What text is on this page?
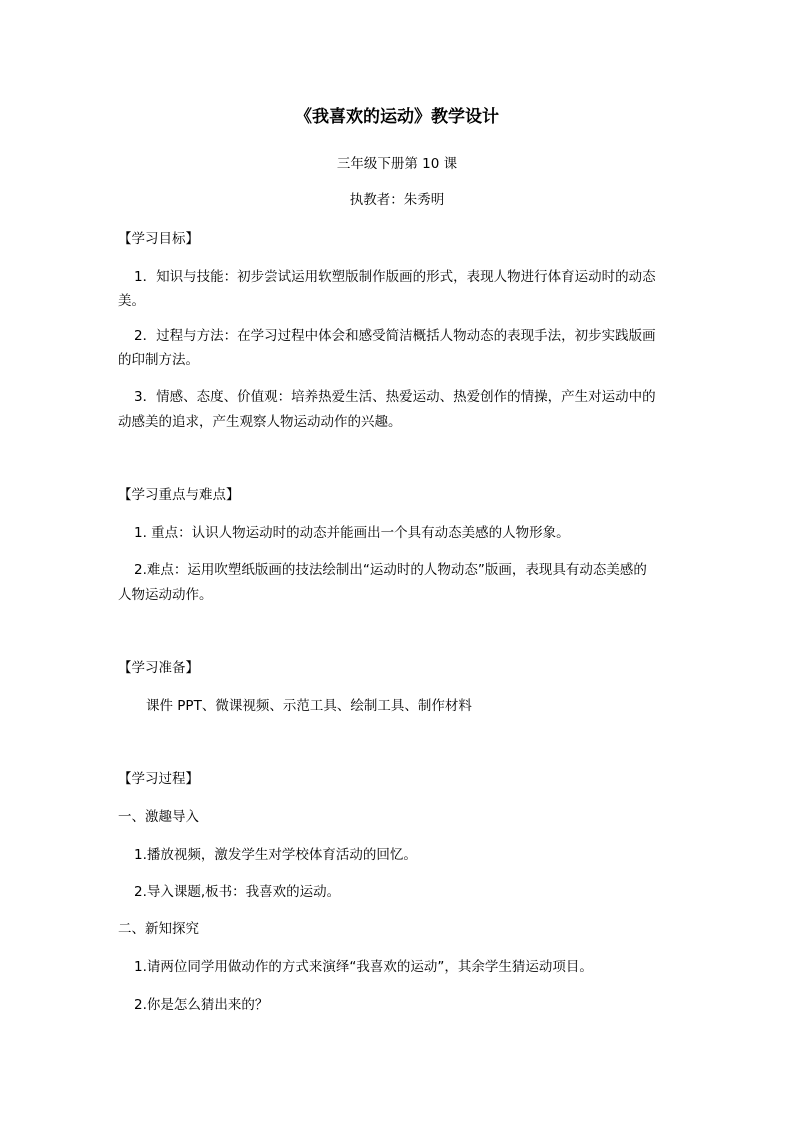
《我喜欢的运动》教学设计
三年级下册第 10 课
执教者：朱秀明
【学习目标】
1．知识与技能：初步尝试运用软塑版制作版画的形式，表现人物进行体育运动时的动态
美。
2．过程与方法：在学习过程中体会和感受简洁概括人物动态的表现手法，初步实践版画
的印制方法。
3．情感、态度、价值观：培养热爱生活、热爱运动、热爱创作的情操，产生对运动中的
动感美的追求，产生观察人物运动动作的兴趣。
【学习重点与难点】
1. 重点：认识人物运动时的动态并能画出一个具有动态美感的人物形象。
2.难点：运用吹塑纸版画的技法绘制出“运动时的人物动态”版画，表现具有动态美感的
人物运动动作。
【学习准备】
课件 PPT、微课视频、示范工具、绘制工具、制作材料
【学习过程】
一、激趣导入
1.播放视频，激发学生对学校体育活动的回忆。
2.导入课题,板书：我喜欢的运动。
二、新知探究
1.请两位同学用做动作的方式来演绎“我喜欢的运动”，其余学生猜运动项目。
2.你是怎么猜出来的？
